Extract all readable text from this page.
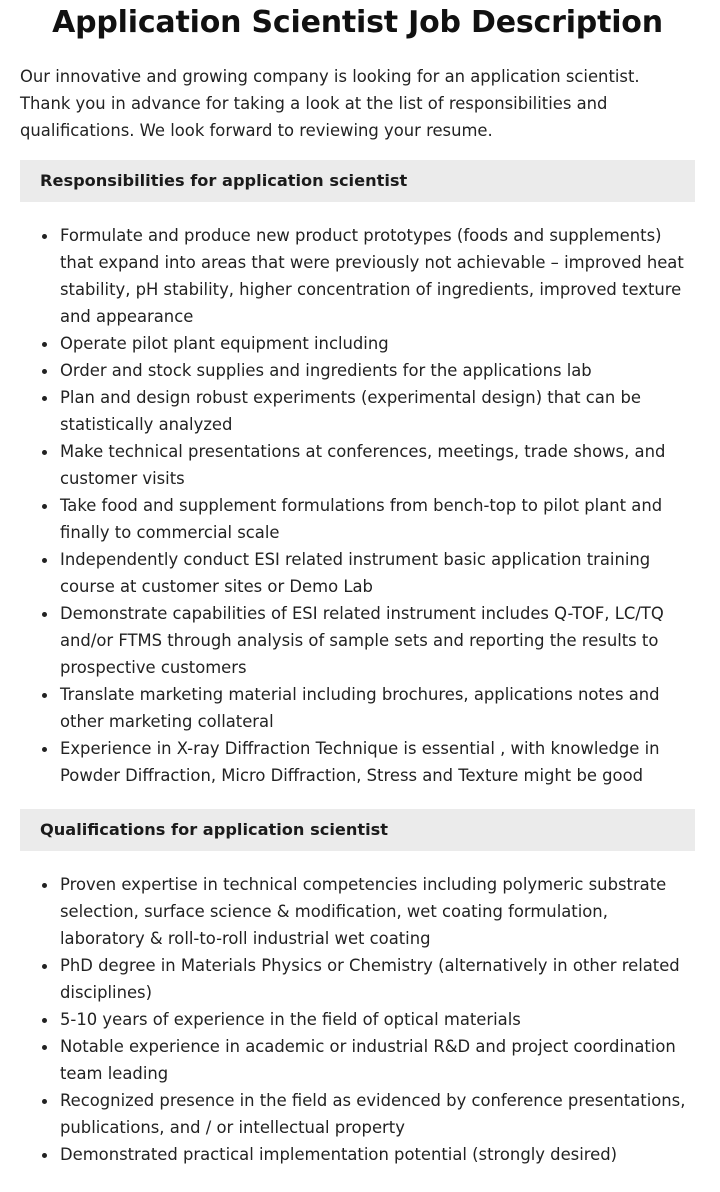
Application Scientist Job Description

Our innovative and growing company is looking for an application scientist. Thank you in advance for taking a look at the list of responsibilities and qualifications. We look forward to reviewing your resume.

Responsibilities for application scientist
Formulate and produce new product prototypes (foods and supplements) that expand into areas that were previously not achievable – improved heat stability, pH stability, higher concentration of ingredients, improved texture and appearance
Operate pilot plant equipment including
Order and stock supplies and ingredients for the applications lab
Plan and design robust experiments (experimental design) that can be statistically analyzed
Make technical presentations at conferences, meetings, trade shows, and customer visits
Take food and supplement formulations from bench-top to pilot plant and finally to commercial scale
Independently conduct ESI related instrument basic application training course at customer sites or Demo Lab
Demonstrate capabilities of ESI related instrument includes Q-TOF, LC/TQ and/or FTMS through analysis of sample sets and reporting the results to prospective customers
Translate marketing material including brochures, applications notes and other marketing collateral
Experience in X-ray Diffraction Technique is essential , with knowledge in Powder Diffraction, Micro Diffraction, Stress and Texture might be good
Qualifications for application scientist
Proven expertise in technical competencies including polymeric substrate selection, surface science & modification, wet coating formulation, laboratory & roll-to-roll industrial wet coating
PhD degree in Materials Physics or Chemistry (alternatively in other related disciplines)
5-10 years of experience in the field of optical materials
Notable experience in academic or industrial R&D and project coordination team leading
Recognized presence in the field as evidenced by conference presentations, publications, and / or intellectual property
Demonstrated practical implementation potential (strongly desired)
